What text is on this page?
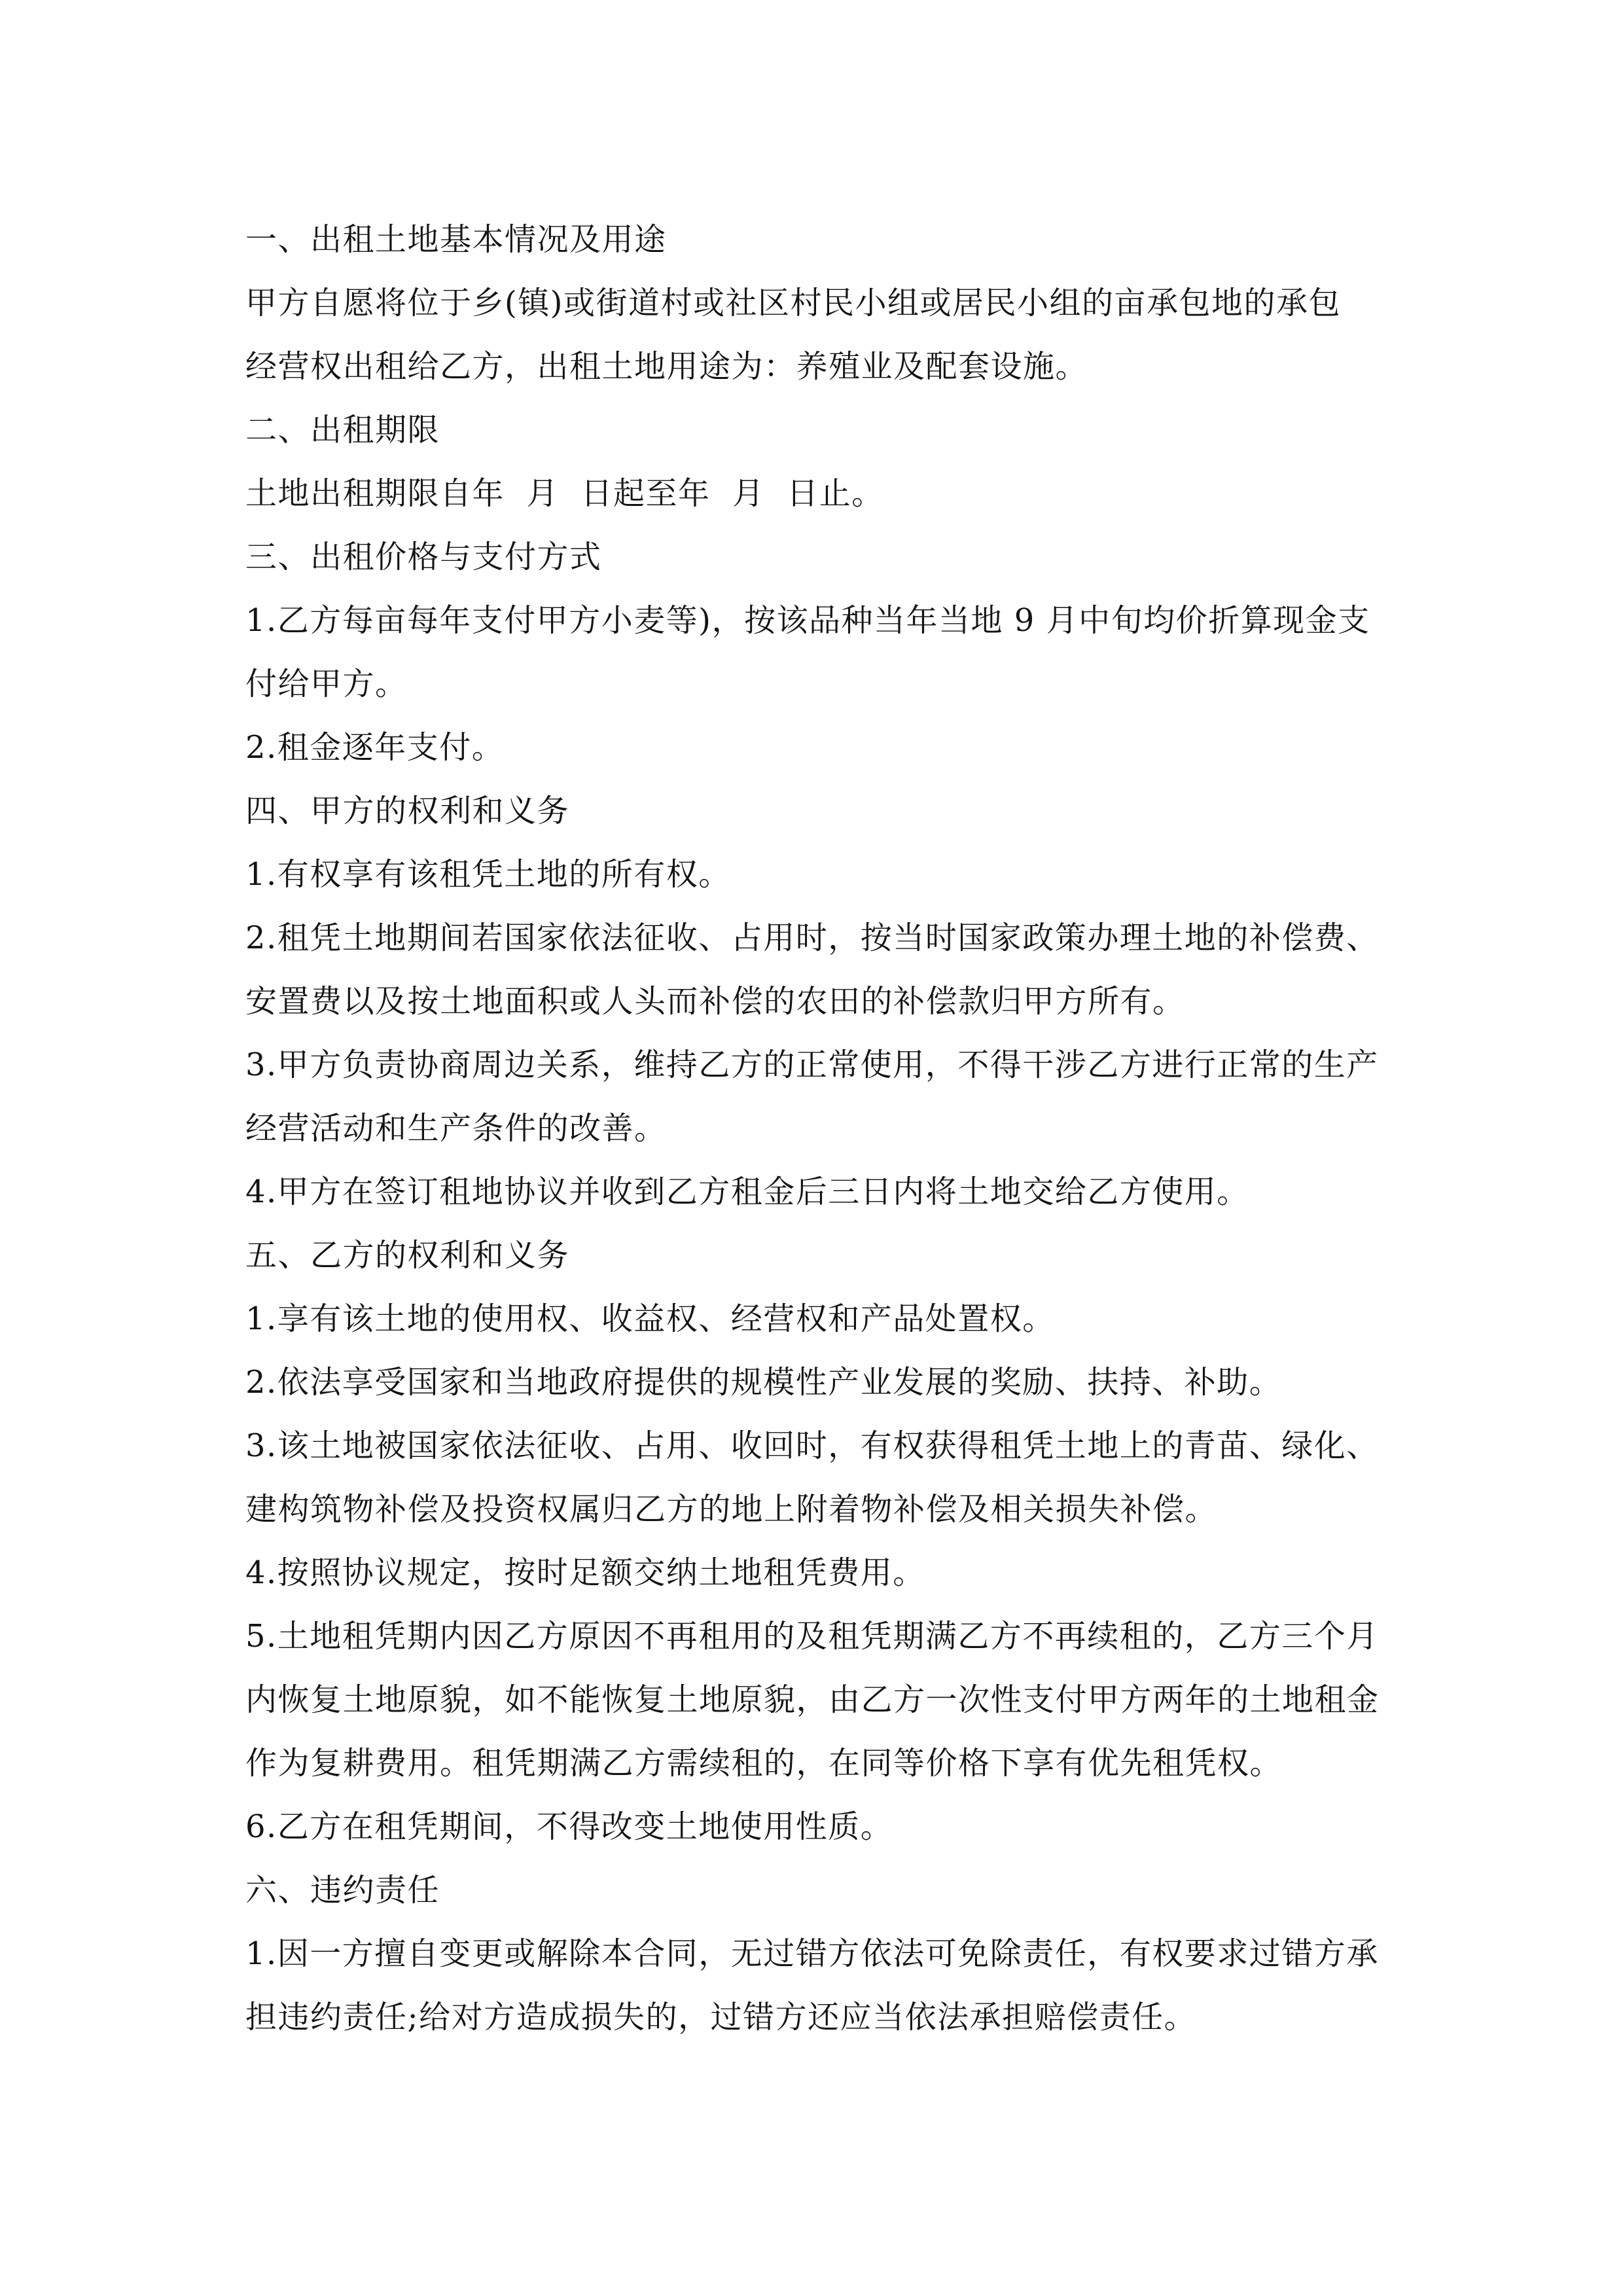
一、出租土地基本情况及用途
甲方自愿将位于乡(镇)或街道村或社区村民小组或居民小组的亩承包地的承包
经营权出租给乙方，出租土地用途为：养殖业及配套设施。
二、出租期限
土地出租期限自年  月  日起至年  月  日止。
三、出租价格与支付方式
1.乙方每亩每年支付甲方小麦等)，按该品种当年当地 9 月中旬均价折算现金支
付给甲方。
2.租金逐年支付。
四、甲方的权利和义务
1.有权享有该租凭土地的所有权。
2.租凭土地期间若国家依法征收、占用时，按当时国家政策办理土地的补偿费、
安置费以及按土地面积或人头而补偿的农田的补偿款归甲方所有。
3.甲方负责协商周边关系，维持乙方的正常使用，不得干涉乙方进行正常的生产
经营活动和生产条件的改善。
4.甲方在签订租地协议并收到乙方租金后三日内将土地交给乙方使用。
五、乙方的权利和义务
1.享有该土地的使用权、收益权、经营权和产品处置权。
2.依法享受国家和当地政府提供的规模性产业发展的奖励、扶持、补助。
3.该土地被国家依法征收、占用、收回时，有权获得租凭土地上的青苗、绿化、
建构筑物补偿及投资权属归乙方的地上附着物补偿及相关损失补偿。
4.按照协议规定，按时足额交纳土地租凭费用。
5.土地租凭期内因乙方原因不再租用的及租凭期满乙方不再续租的，乙方三个月
内恢复土地原貌，如不能恢复土地原貌，由乙方一次性支付甲方两年的土地租金
作为复耕费用。租凭期满乙方需续租的，在同等价格下享有优先租凭权。
6.乙方在租凭期间，不得改变土地使用性质。
六、违约责任
1.因一方擅自变更或解除本合同，无过错方依法可免除责任，有权要求过错方承
担违约责任;给对方造成损失的，过错方还应当依法承担赔偿责任。
